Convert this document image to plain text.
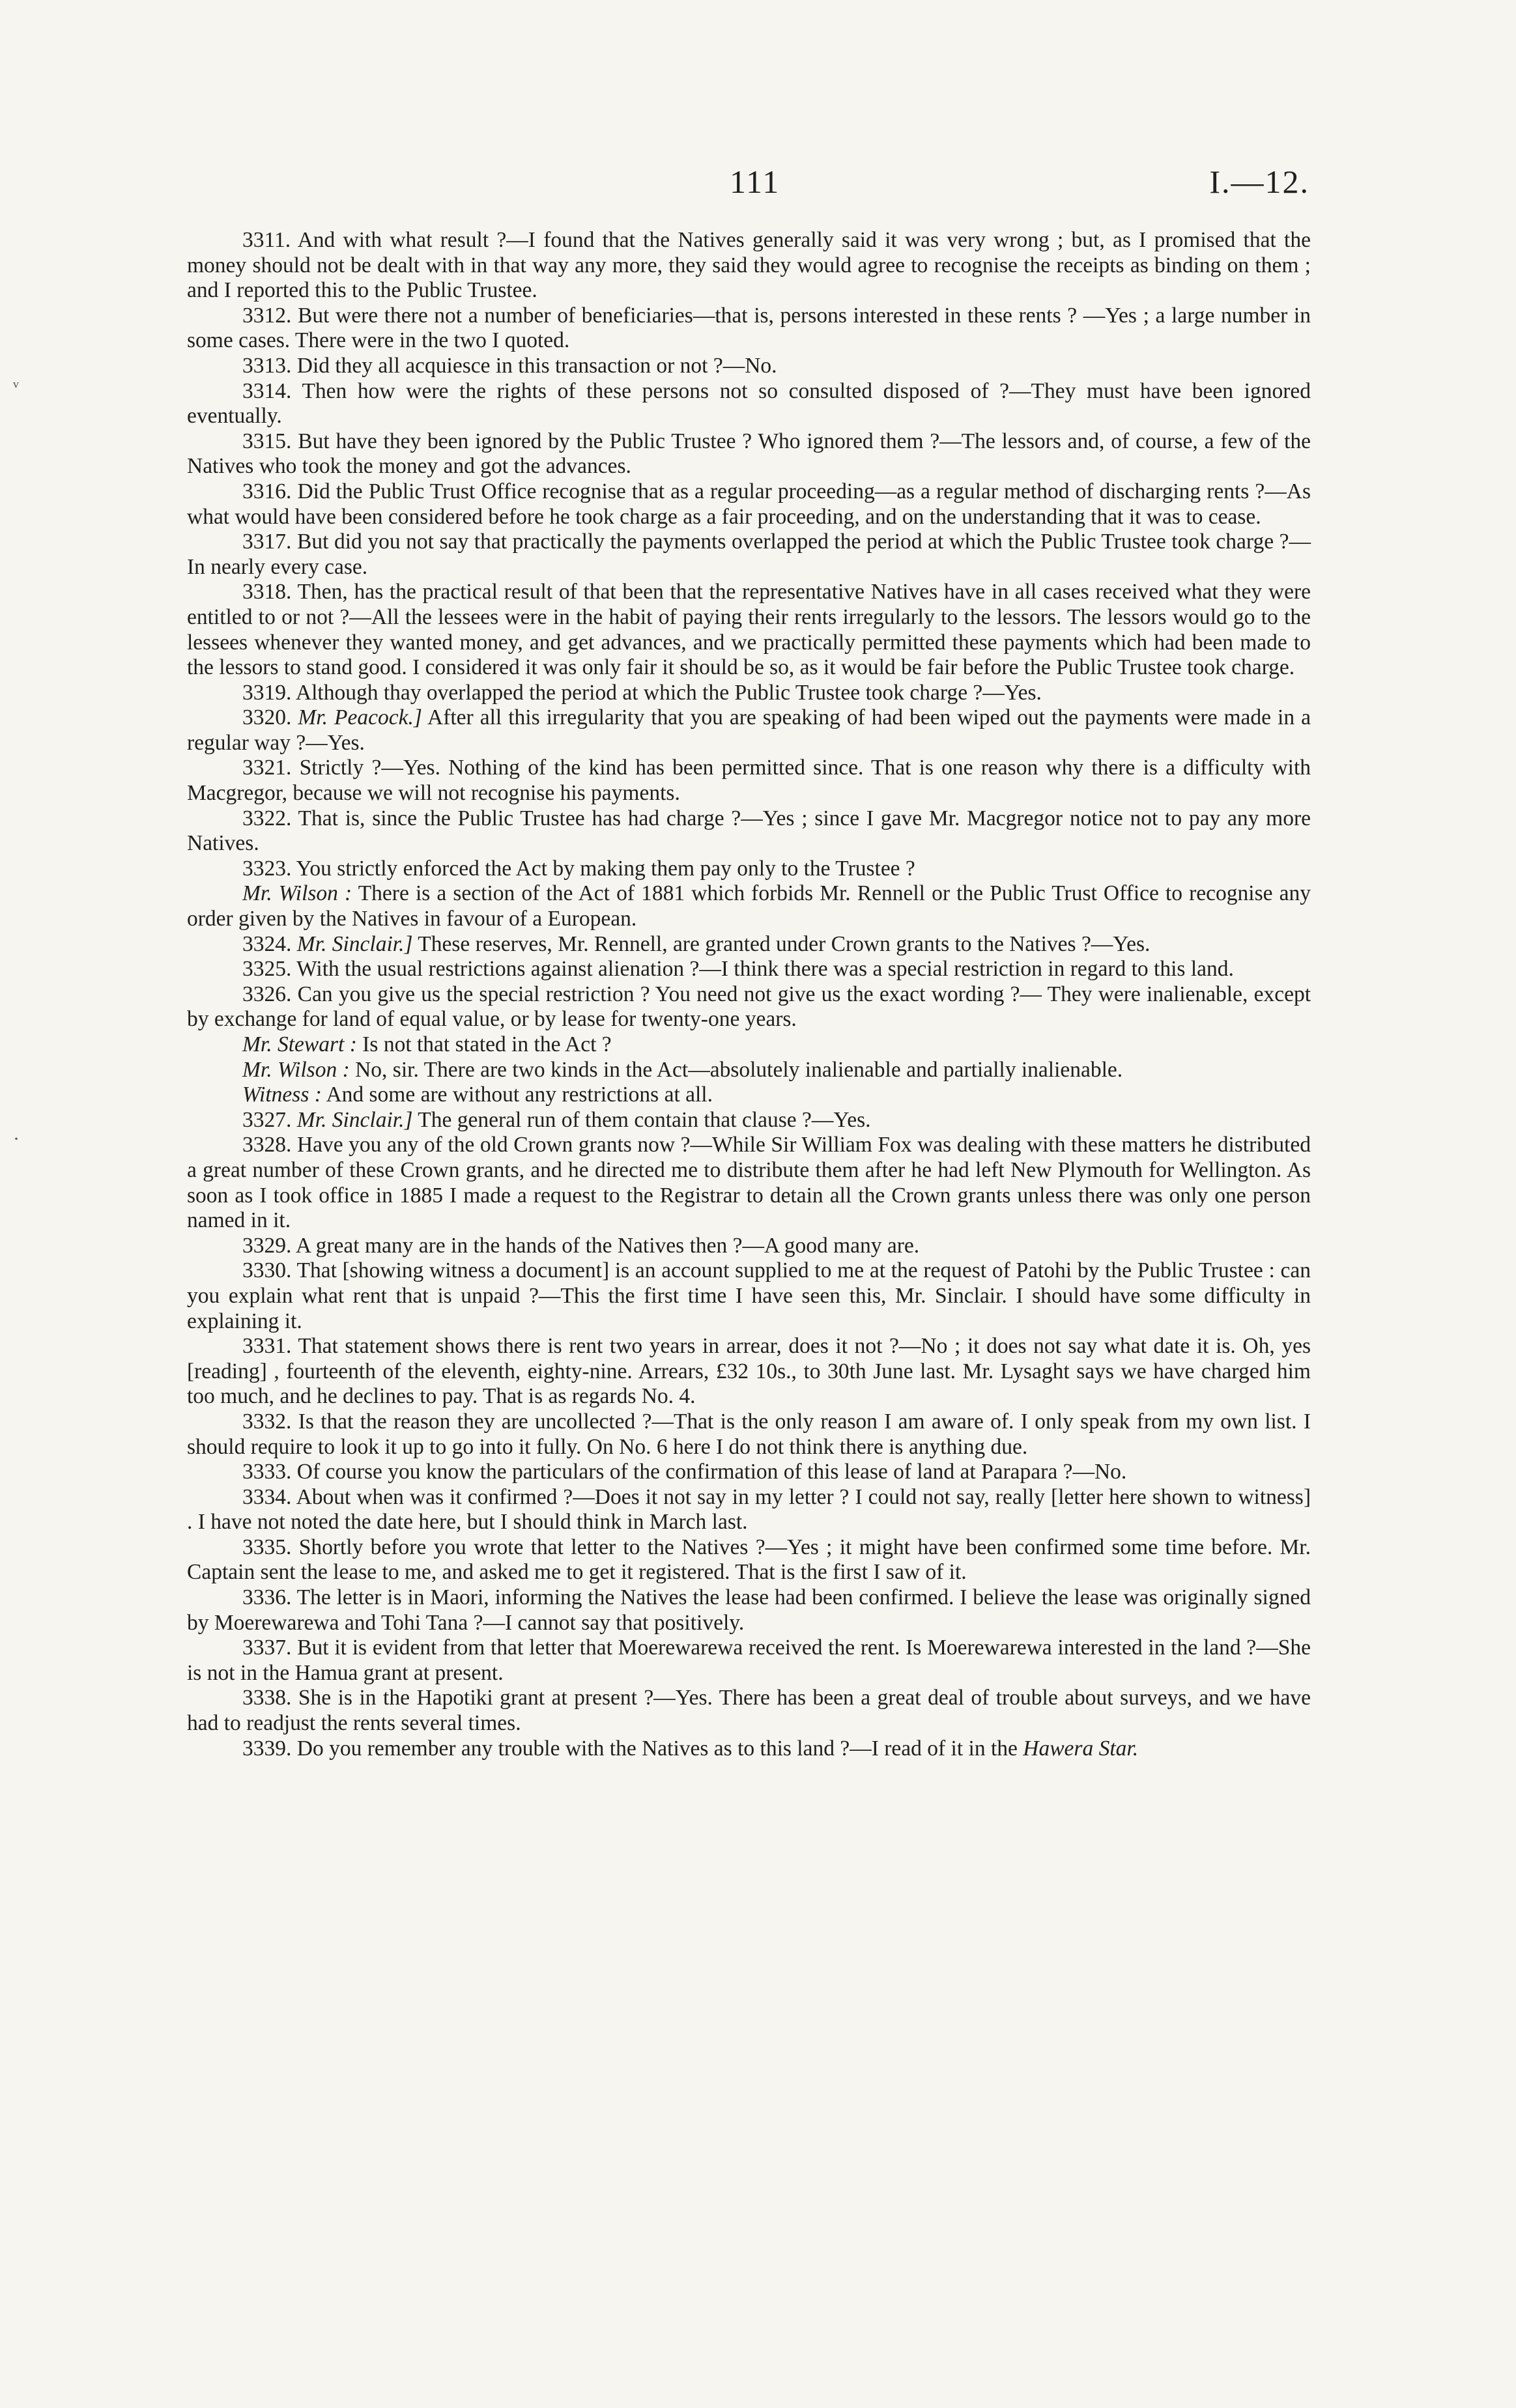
111	I.—12.

3311. And with what result ?—I found that the Natives generally said it was very wrong ; but, as I promised that the money should not be dealt with in that way any more, they said they would agree to recognise the receipts as binding on them ; and I reported this to the Public Trustee.

3312. But were there not a number of beneficiaries—that is, persons interested in these rents ? —Yes ; a large number in some cases. There were in the two I quoted.

3313. Did they all acquiesce in this transaction or not ?—No.

3314. Then how were the rights of these persons not so consulted disposed of ?—They must have been ignored eventually.

3315. But have they been ignored by the Public Trustee ? Who ignored them ?—The lessors and, of course, a few of the Natives who took the money and got the advances.

3316. Did the Public Trust Office recognise that as a regular proceeding—as a regular method of discharging rents ?—As what would have been considered before he took charge as a fair proceeding, and on the understanding that it was to cease.

3317. But did you not say that practically the payments overlapped the period at which the Public Trustee took charge ?—In nearly every case.

3318. Then, has the practical result of that been that the representative Natives have in all cases received what they were entitled to or not ?—All the lessees were in the habit of paying their rents irregularly to the lessors. The lessors would go to the lessees whenever they wanted money, and get advances, and we practically permitted these payments which had been made to the lessors to stand good. I considered it was only fair it should be so, as it would be fair before the Public Trustee took charge.

3319. Although thay overlapped the period at which the Public Trustee took charge ?—Yes.

3320. Mr. Peacock.] After all this irregularity that you are speaking of had been wiped out the payments were made in a regular way ?—Yes.

3321. Strictly ?—Yes. Nothing of the kind has been permitted since. That is one reason why there is a difficulty with Macgregor, because we will not recognise his payments.

3322. That is, since the Public Trustee has had charge ?—Yes ; since I gave Mr. Macgregor notice not to pay any more Natives.

3323. You strictly enforced the Act by making them pay only to the Trustee ?

Mr. Wilson : There is a section of the Act of 1881 which forbids Mr. Rennell or the Public Trust Office to recognise any order given by the Natives in favour of a European.

3324. Mr. Sinclair.] These reserves, Mr. Rennell, are granted under Crown grants to the Natives ?—Yes.

3325. With the usual restrictions against alienation ?—I think there was a special restriction in regard to this land.

3326. Can you give us the special restriction ? You need not give us the exact wording ?— They were inalienable, except by exchange for land of equal value, or by lease for twenty-one years.

Mr. Stewart : Is not that stated in the Act ?

Mr. Wilson : No, sir. There are two kinds in the Act—absolutely inalienable and partially inalienable.

Witness : And some are without any restrictions at all.

3327. Mr. Sinclair.] The general run of them contain that clause ?—Yes.

3328. Have you any of the old Crown grants now ?—While Sir William Fox was dealing with these matters he distributed a great number of these Crown grants, and he directed me to distribute them after he had left New Plymouth for Wellington. As soon as I took office in 1885 I made a request to the Registrar to detain all the Crown grants unless there was only one person named in it.

3329. A great many are in the hands of the Natives then ?—A good many are.

3330. That [showing witness a document] is an account supplied to me at the request of Patohi by the Public Trustee : can you explain what rent that is unpaid ?—This the first time I have seen this, Mr. Sinclair. I should have some difficulty in explaining it.

3331. That statement shows there is rent two years in arrear, does it not ?—No ; it does not say what date it is. Oh, yes [reading] , fourteenth of the eleventh, eighty-nine. Arrears, £32 10s., to 30th June last. Mr. Lysaght says we have charged him too much, and he declines to pay. That is as regards No. 4.

3332. Is that the reason they are uncollected ?—That is the only reason I am aware of. I only speak from my own list. I should require to look it up to go into it fully. On No. 6 here I do not think there is anything due.

3333. Of course you know the particulars of the confirmation of this lease of land at Parapara ?—No.

3334. About when was it confirmed ?—Does it not say in my letter ? I could not say, really [letter here shown to witness] . I have not noted the date here, but I should think in March last.

3335. Shortly before you wrote that letter to the Natives ?—Yes ; it might have been confirmed some time before. Mr. Captain sent the lease to me, and asked me to get it registered. That is the first I saw of it.

3336. The letter is in Maori, informing the Natives the lease had been confirmed. I believe the lease was originally signed by Moerewarewa and Tohi Tana ?—I cannot say that positively.

3337. But it is evident from that letter that Moerewarewa received the rent. Is Moerewarewa interested in the land ?—She is not in the Hamua grant at present.

3338. She is in the Hapotiki grant at present ?—Yes. There has been a great deal of trouble about surveys, and we have had to readjust the rents several times.

3339. Do you remember any trouble with the Natives as to this land ?—I read of it in the Hawera Star.

ᵛ
·
